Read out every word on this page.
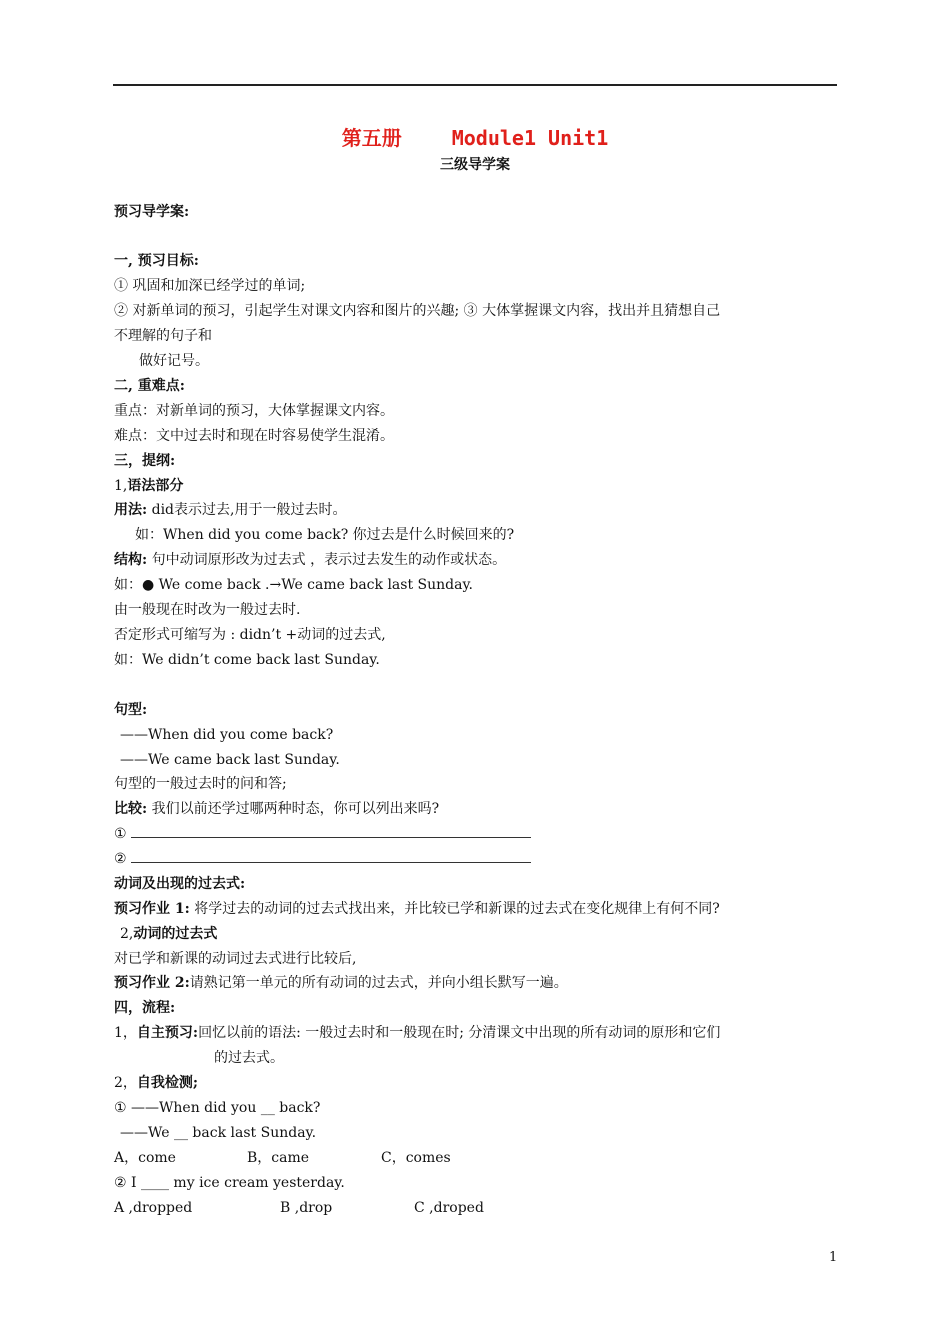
第五册	Module1 Unit1
三级导学案
预习导学案:
一, 预习目标:
① 巩固和加深已经学过的单词;
② 对新单词的预习，引起学生对课文内容和图片的兴趣; ③ 大体掌握课文内容，找出并且猜想自己
不理解的句子和
做好记号。
二, 重难点:
重点：对新单词的预习，大体掌握课文内容。
难点：文中过去时和现在时容易使学生混淆。
三，提纲:
1,语法部分
用法: did表示过去,用于一般过去时。
如：When did you come back? 你过去是什么时候回来的?
结构: 句中动词原形改为过去式 ，表示过去发生的动作或状态。
如：● We come back .→We came back last Sunday.
由一般现在时改为一般过去时.
否定形式可缩写为 : didn’t +动词的过去式,
如：We didn’t come back last Sunday.
句型:
——When did you come back?
——We came back last Sunday.
句型的一般过去时的问和答;
比较: 我们以前还学过哪两种时态，你可以列出来吗?
①
②
动词及出现的过去式:
预习作业 1: 将学过去的动词的过去式找出来，并比较已学和新课的过去式在变化规律上有何不同?
2,动词的过去式
对已学和新课的动词过去式进行比较后,
预习作业 2:请熟记第一单元的所有动词的过去式，并向小组长默写一遍。
四，流程:
1，自主预习:回忆以前的语法: 一般过去时和一般现在时; 分清课文中出现的所有动词的原形和它们
的过去式。
2，自我检测;
① ——When did you __ back?
——We __ back last Sunday.
A，come	B，came	C，comes
② I ____ my ice cream yesterday.
A ,dropped	B ,drop	C ,droped
1
